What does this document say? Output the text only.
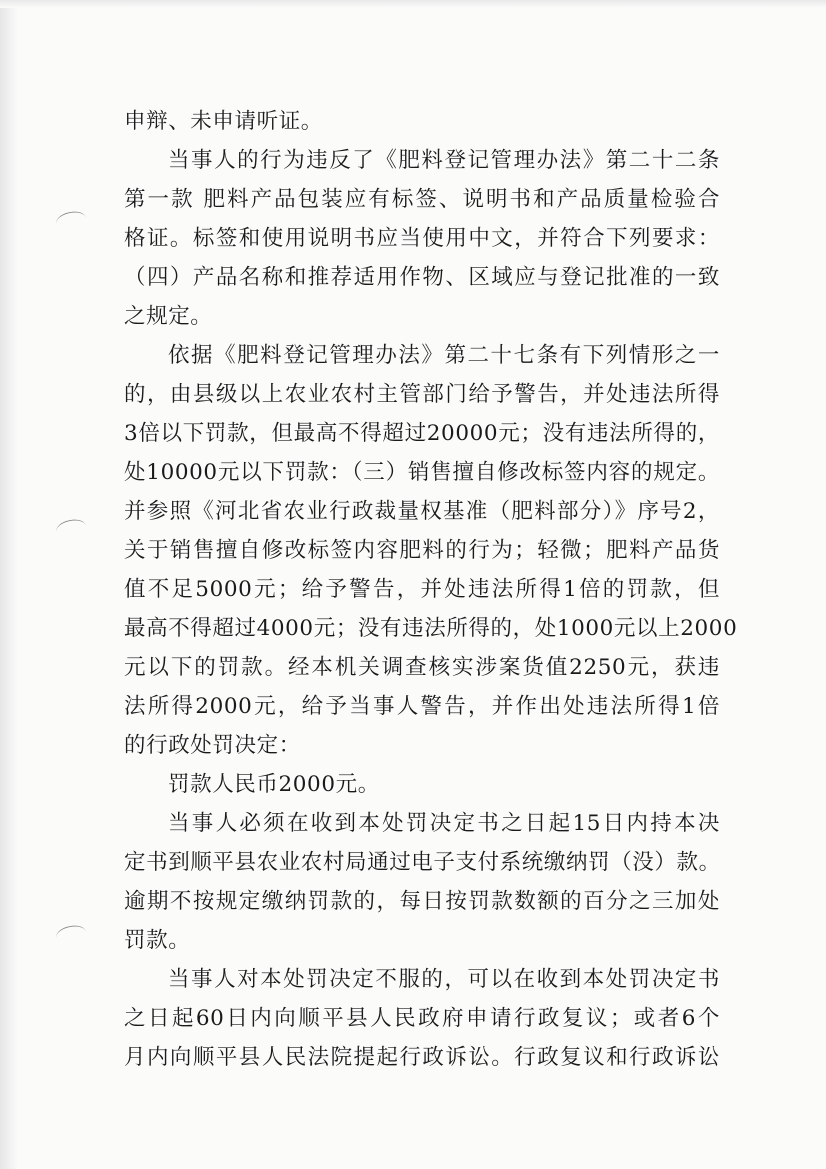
申辩、未申请听证。
当事人的行为违反了《肥料登记管理办法》第二十二条
第一款 肥料产品包装应有标签、说明书和产品质量检验合
格证。标签和使用说明书应当使用中文，并符合下列要求：
（四）产品名称和推荐适用作物、区域应与登记批准的一致
之规定。
依据《肥料登记管理办法》第二十七条有下列情形之一
的，由县级以上农业农村主管部门给予警告，并处违法所得
3倍以下罚款，但最高不得超过20000元；没有违法所得的，
处10000元以下罚款：（三）销售擅自修改标签内容的规定。
并参照《河北省农业行政裁量权基准（肥料部分）》序号2，
关于销售擅自修改标签内容肥料的行为；轻微；肥料产品货
值不足5000元；给予警告，并处违法所得1倍的罚款，但
最高不得超过4000元；没有违法所得的，处1000元以上2000
元以下的罚款。经本机关调查核实涉案货值2250元，获违
法所得2000元，给予当事人警告，并作出处违法所得1倍
的行政处罚决定：
罚款人民币2000元。
当事人必须在收到本处罚决定书之日起15日内持本决
定书到顺平县农业农村局通过电子支付系统缴纳罚（没）款。
逾期不按规定缴纳罚款的，每日按罚款数额的百分之三加处
罚款。
当事人对本处罚决定不服的，可以在收到本处罚决定书
之日起60日内向顺平县人民政府申请行政复议；或者6个
月内向顺平县人民法院提起行政诉讼。行政复议和行政诉讼
